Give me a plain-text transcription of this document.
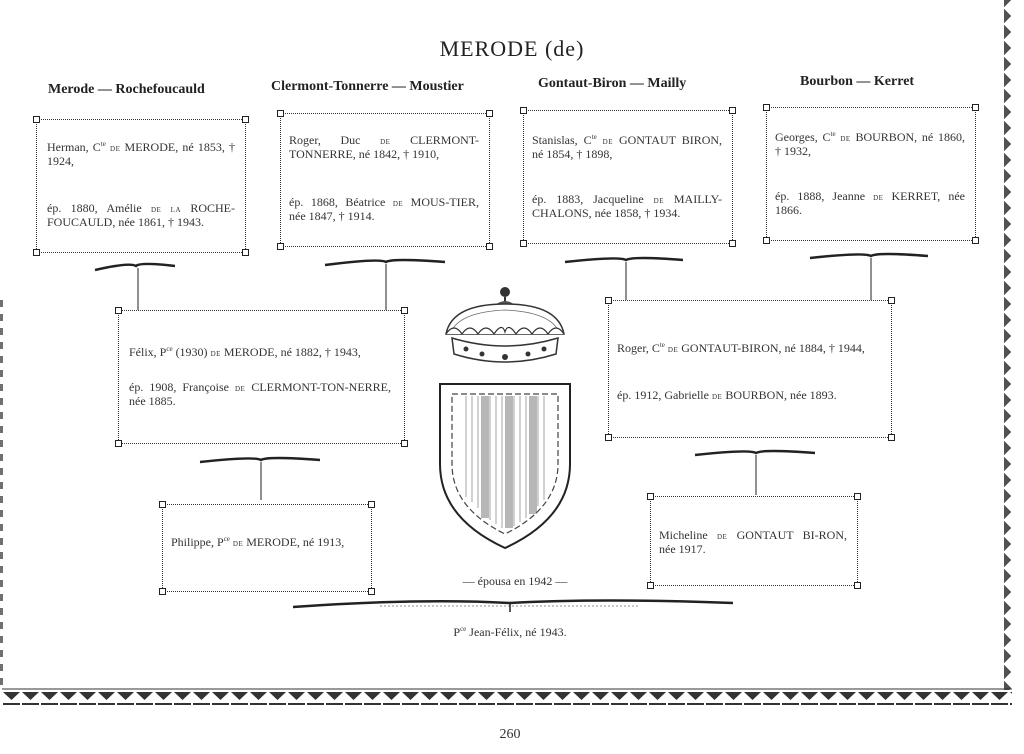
MERODE (de)
Merode — Rochefoucauld	Clermont-Tonnerre — Moustier	Gontaut-Biron — Mailly	Bourbon — Kerret
Herman, $C^{te}$ de MERODE, né 1853, † 1924,
ép. 1880, Amélie de la ROCHE-FOUCAULD, née 1861, † 1943.
Roger, Duc de CLERMONT-TONNERRE, né 1842, † 1910,
ép. 1868, Béatrice de MOUS-TIER, née 1847, † 1914.
Stanislas, $C^{te}$ de GONTAUT BIRON, né 1854, † 1898,
ép. 1883, Jacqueline de MAILLY-CHALONS, née 1858, † 1934.
Georges, $C^{te}$ de BOURBON, né 1860, † 1932,
ép. 1888, Jeanne de KERRET, née 1866.
Félix, $P^{ce}$ (1930) de MERODE, né 1882, † 1943,
ép. 1908, Françoise de CLERMONT-TON-NERRE, née 1885.
Roger, $C^{te}$ de GONTAUT-BIRON, né 1884, † 1944,
ép. 1912, Gabrielle de BOURBON, née 1893.
Philippe, $P^{ce}$ de MERODE, né 1913,	Micheline de GONTAUT BI-RON, née 1917.
— épousa en 1942 —
$P^{ce}$ Jean-Félix, né 1943.
260
